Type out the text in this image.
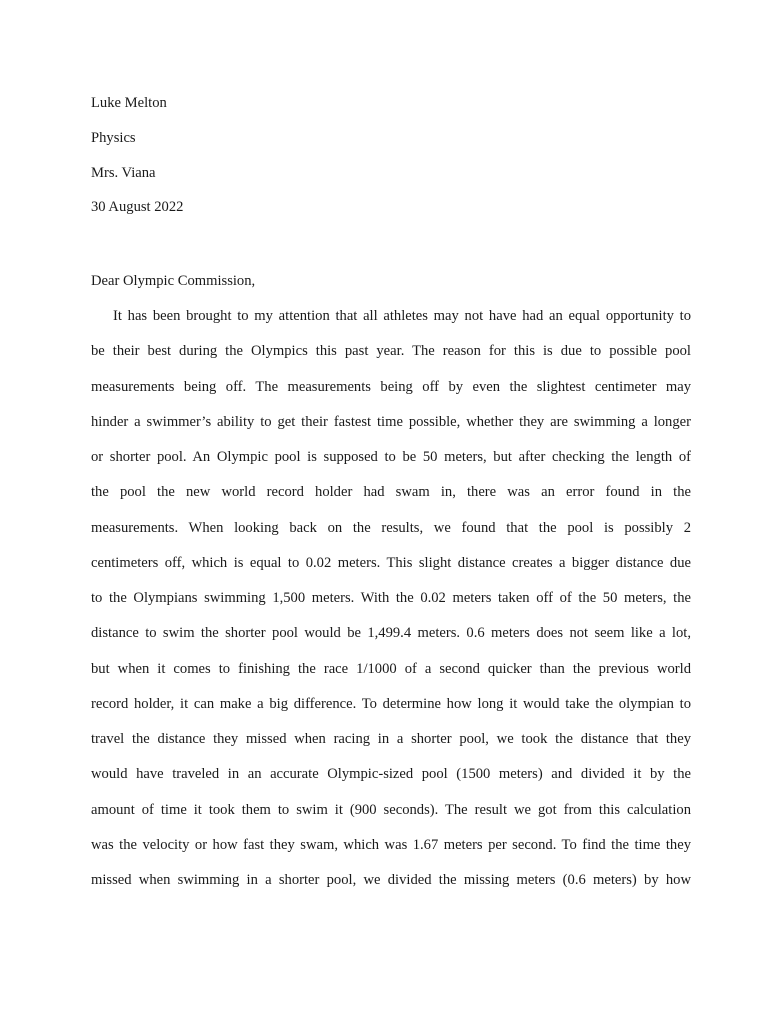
Luke Melton
Physics
Mrs. Viana
30 August 2022
Dear Olympic Commission,
It has been brought to my attention that all athletes may not have had an equal opportunity to
be their best during the Olympics this past year. The reason for this is due to possible pool
measurements being off. The measurements being off by even the slightest centimeter may
hinder a swimmer’s ability to get their fastest time possible, whether they are swimming a longer
or shorter pool. An Olympic pool is supposed to be 50 meters, but after checking the length of
the pool the new world record holder had swam in, there was an error found in the
measurements. When looking back on the results, we found that the pool is possibly 2
centimeters off, which is equal to 0.02 meters. This slight distance creates a bigger distance due
to the Olympians swimming 1,500 meters. With the 0.02 meters taken off of the 50 meters, the
distance to swim the shorter pool would be 1,499.4 meters. 0.6 meters does not seem like a lot,
but when it comes to finishing the race 1/1000 of a second quicker than the previous world
record holder, it can make a big difference. To determine how long it would take the olympian to
travel the distance they missed when racing in a shorter pool, we took the distance that they
would have traveled in an accurate Olympic-sized pool (1500 meters) and divided it by the
amount of time it took them to swim it (900 seconds). The result we got from this calculation
was the velocity or how fast they swam, which was 1.67 meters per second. To find the time they
missed when swimming in a shorter pool, we divided the missing meters (0.6 meters) by how
